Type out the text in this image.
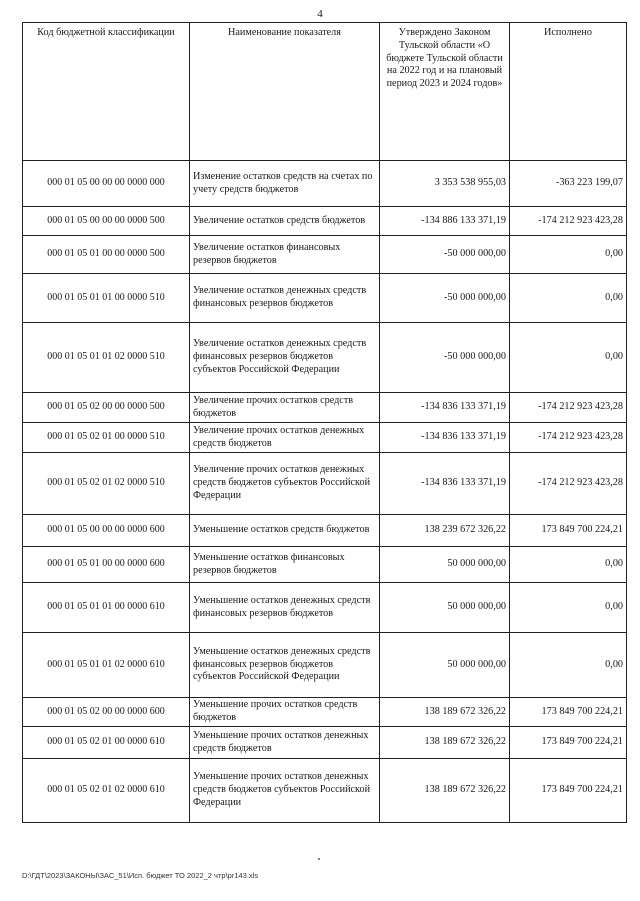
4
Код бюджетной классификации	Наименование показателя	Утверждено Законом Тульской области «О бюджете Тульской области на 2022 год и на плановый период 2023 и 2024 годов»	Исполнено
000 01 05 00 00 00 0000 000	Изменение остатков средств на счетах по учету средств бюджетов	3 353 538 955,03	-363 223 199,07
000 01 05 00 00 00 0000 500	Увеличение остатков средств бюджетов	-134 886 133 371,19	-174 212 923 423,28
000 01 05 01 00 00 0000 500	Увеличение остатков финансовых резервов бюджетов	-50 000 000,00	0,00
000 01 05 01 01 00 0000 510	Увеличение остатков денежных средств финансовых резервов бюджетов	-50 000 000,00	0,00
000 01 05 01 01 02 0000 510	Увеличение остатков денежных средств финансовых резервов бюджетов субъектов Российской Федерации	-50 000 000,00	0,00
000 01 05 02 00 00 0000 500	Увеличение прочих остатков средств бюджетов	-134 836 133 371,19	-174 212 923 423,28
000 01 05 02 01 00 0000 510	Увеличение прочих остатков денежных средств бюджетов	-134 836 133 371,19	-174 212 923 423,28
000 01 05 02 01 02 0000 510	Увеличение прочих остатков денежных средств бюджетов субъектов Российской Федерации	-134 836 133 371,19	-174 212 923 423,28
000 01 05 00 00 00 0000 600	Уменьшение остатков средств бюджетов	138 239 672 326,22	173 849 700 224,21
000 01 05 01 00 00 0000 600	Уменьшение остатков финансовых резервов бюджетов	50 000 000,00	0,00
000 01 05 01 01 00 0000 610	Уменьшение остатков денежных средств финансовых резервов бюджетов	50 000 000,00	0,00
000 01 05 01 01 02 0000 610	Уменьшение остатков денежных средств финансовых резервов бюджетов субъектов Российской Федерации	50 000 000,00	0,00
000 01 05 02 00 00 0000 600	Уменьшение прочих остатков средств бюджетов	138 189 672 326,22	173 849 700 224,21
000 01 05 02 01 00 0000 610	Уменьшение прочих остатков денежных средств бюджетов	138 189 672 326,22	173 849 700 224,21
000 01 05 02 01 02 0000 610	Уменьшение прочих остатков денежных средств бюджетов субъектов Российской Федерации	138 189 672 326,22	173 849 700 224,21
D:\ГДТ\2023\ЗАКОНЫ\ЗАС_51\Исп. бюджет ТО 2022_2 чтр\pr143.xls
